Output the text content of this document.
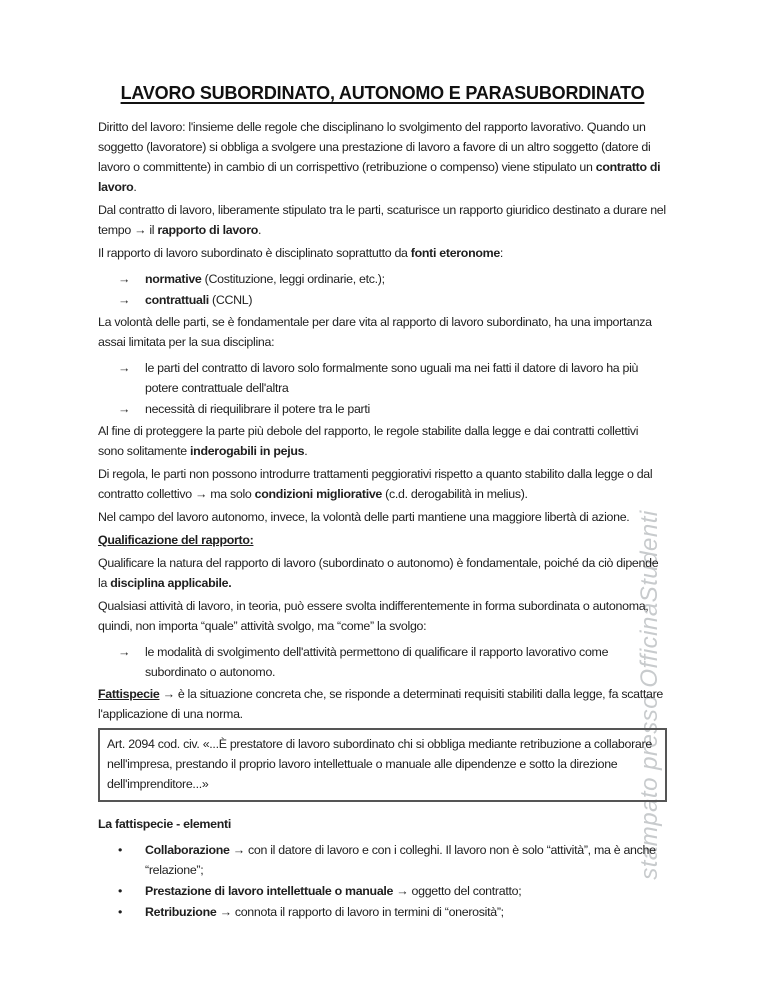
stampato presso OfficinaStudenti
LAVORO SUBORDINATO, AUTONOMO E PARASUBORDINATO

Diritto del lavoro: l'insieme delle regole che disciplinano lo svolgimento del rapporto lavorativo. Quando un soggetto (lavoratore) si obbliga a svolgere una prestazione di lavoro a favore di un altro soggetto (datore di lavoro o committente) in cambio di un corrispettivo (retribuzione o compenso) viene stipulato un contratto di lavoro.

Dal contratto di lavoro, liberamente stipulato tra le parti, scaturisce un rapporto giuridico destinato a durare nel tempo → il rapporto di lavoro.

Il rapporto di lavoro subordinato è disciplinato soprattutto da fonti eteronome:

→	normative (Costituzione, leggi ordinarie, etc.);
→	contrattuali (CCNL)

La volontà delle parti, se è fondamentale per dare vita al rapporto di lavoro subordinato, ha una importanza assai limitata per la sua disciplina:

→	le parti del contratto di lavoro solo formalmente sono uguali ma nei fatti il datore di lavoro ha più potere contrattuale dell'altra
→	necessità di riequilibrare il potere tra le parti

Al fine di proteggere la parte più debole del rapporto, le regole stabilite dalla legge e dai contratti collettivi sono solitamente inderogabili in pejus.

Di regola, le parti non possono introdurre trattamenti peggiorativi rispetto a quanto stabilito dalla legge o dal contratto collettivo → ma solo condizioni migliorative (c.d. derogabilità in melius).

Nel campo del lavoro autonomo, invece, la volontà delle parti mantiene una maggiore libertà di azione.

Qualificazione del rapporto:

Qualificare la natura del rapporto di lavoro (subordinato o autonomo) è fondamentale, poiché da ciò dipende la disciplina applicabile.

Qualsiasi attività di lavoro, in teoria, può essere svolta indifferentemente in forma subordinata o autonoma, quindi, non importa “quale” attività svolgo, ma “come” la svolgo:

→	le modalità di svolgimento dell'attività permettono di qualificare il rapporto lavorativo come subordinato o autonomo.

Fattispecie → è la situazione concreta che, se risponde a determinati requisiti stabiliti dalla legge, fa scattare l'applicazione di una norma.

Art. 2094 cod. civ. «...È prestatore di lavoro subordinato chi si obbliga mediante retribuzione a collaborare nell'impresa, prestando il proprio lavoro intellettuale o manuale alle dipendenze e sotto la direzione dell'imprenditore...»

La fattispecie - elementi

•	Collaborazione → con il datore di lavoro e con i colleghi. Il lavoro non è solo “attività”, ma è anche “relazione”;
•	Prestazione di lavoro intellettuale o manuale → oggetto del contratto;
•	Retribuzione → connota il rapporto di lavoro in termini di “onerosità”;
